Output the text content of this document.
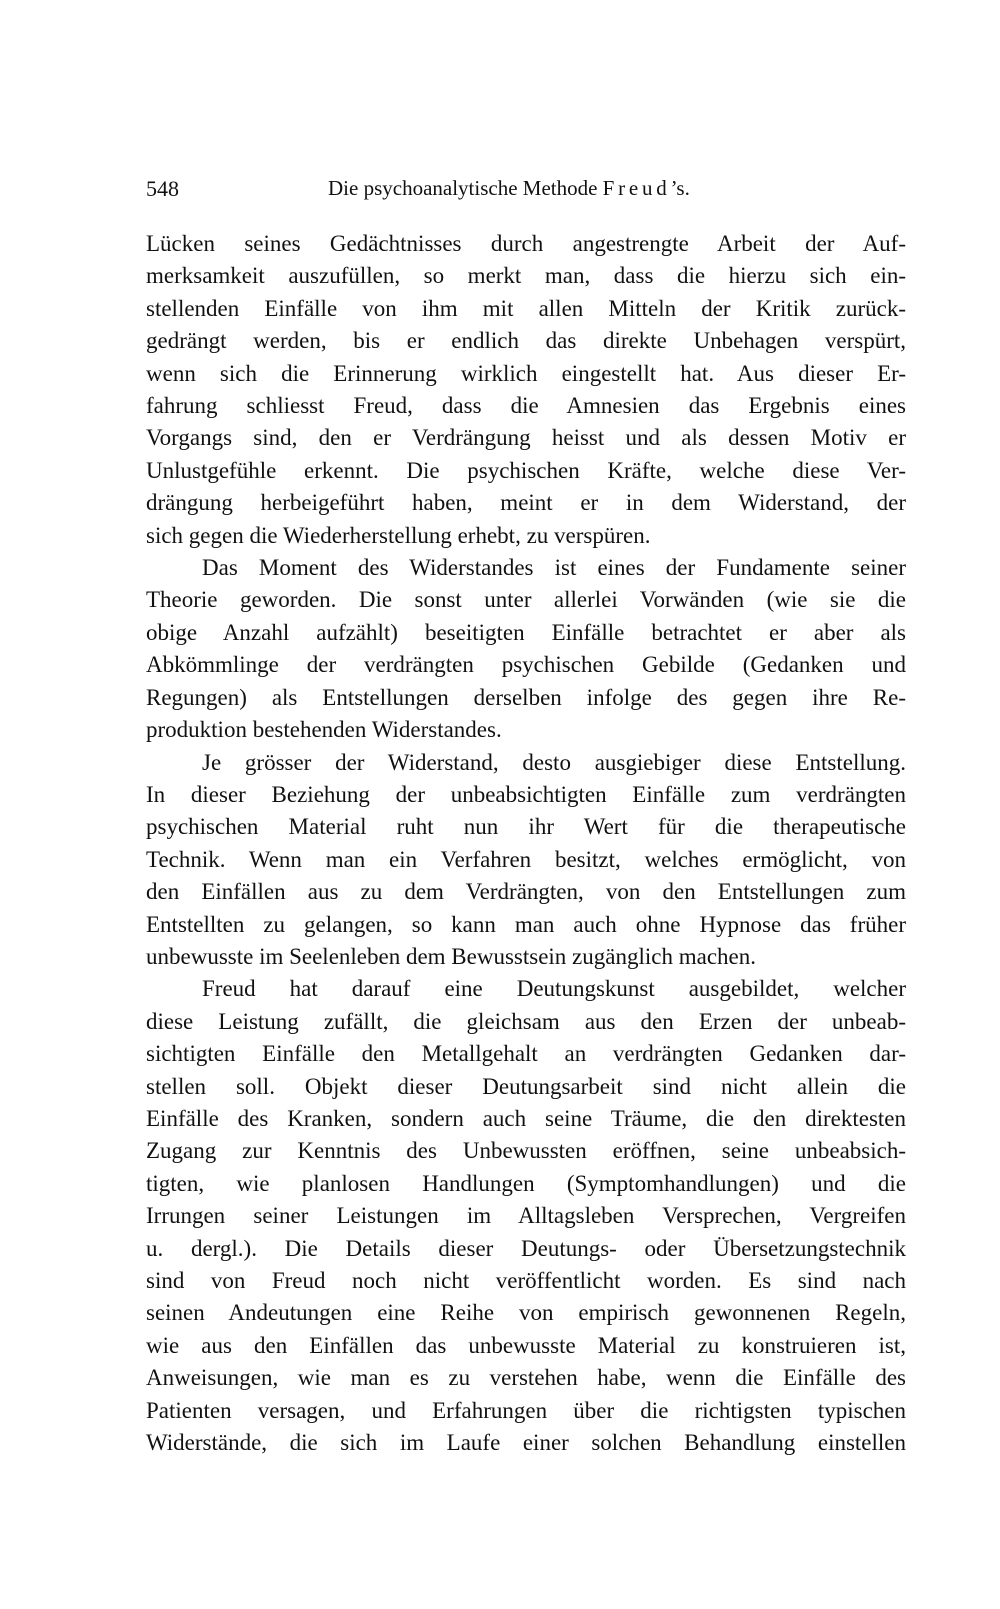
548	Die psychoanalytische Methode Freud’s.

Lücken seines Gedächtnisses durch angestrengte Arbeit der Auf-
merksamkeit auszufüllen, so merkt man, dass die hierzu sich ein-
stellenden Einfälle von ihm mit allen Mitteln der Kritik zurück-
gedrängt werden, bis er endlich das direkte Unbehagen verspürt,
wenn sich die Erinnerung wirklich eingestellt hat. Aus dieser Er-
fahrung schliesst Freud, dass die Amnesien das Ergebnis eines
Vorgangs sind, den er Verdrängung heisst und als dessen Motiv er
Unlustgefühle erkennt. Die psychischen Kräfte, welche diese Ver-
drängung herbeigeführt haben, meint er in dem Widerstand, der
sich gegen die Wiederherstellung erhebt, zu verspüren.

Das Moment des Widerstandes ist eines der Fundamente seiner
Theorie geworden. Die sonst unter allerlei Vorwänden (wie sie die
obige Anzahl aufzählt) beseitigten Einfälle betrachtet er aber als
Abkömmlinge der verdrängten psychischen Gebilde (Gedanken und
Regungen) als Entstellungen derselben infolge des gegen ihre Re-
produktion bestehenden Widerstandes.

Je grösser der Widerstand, desto ausgiebiger diese Entstellung.
In dieser Beziehung der unbeabsichtigten Einfälle zum verdrängten
psychischen Material ruht nun ihr Wert für die therapeutische
Technik. Wenn man ein Verfahren besitzt, welches ermöglicht, von
den Einfällen aus zu dem Verdrängten, von den Entstellungen zum
Entstellten zu gelangen, so kann man auch ohne Hypnose das früher
unbewusste im Seelenleben dem Bewusstsein zugänglich machen.

Freud hat darauf eine Deutungskunst ausgebildet, welcher
diese Leistung zufällt, die gleichsam aus den Erzen der unbeab-
sichtigten Einfälle den Metallgehalt an verdrängten Gedanken dar-
stellen soll. Objekt dieser Deutungsarbeit sind nicht allein die
Einfälle des Kranken, sondern auch seine Träume, die den direktesten
Zugang zur Kenntnis des Unbewussten eröffnen, seine unbeabsich-
tigten, wie planlosen Handlungen (Symptomhandlungen) und die
Irrungen seiner Leistungen im Alltagsleben Versprechen, Vergreifen
u. dergl.). Die Details dieser Deutungs- oder Übersetzungstechnik
sind von Freud noch nicht veröffentlicht worden. Es sind nach
seinen Andeutungen eine Reihe von empirisch gewonnenen Regeln,
wie aus den Einfällen das unbewusste Material zu konstruieren ist,
Anweisungen, wie man es zu verstehen habe, wenn die Einfälle des
Patienten versagen, und Erfahrungen über die richtigsten typischen
Widerstände, die sich im Laufe einer solchen Behandlung einstellen
